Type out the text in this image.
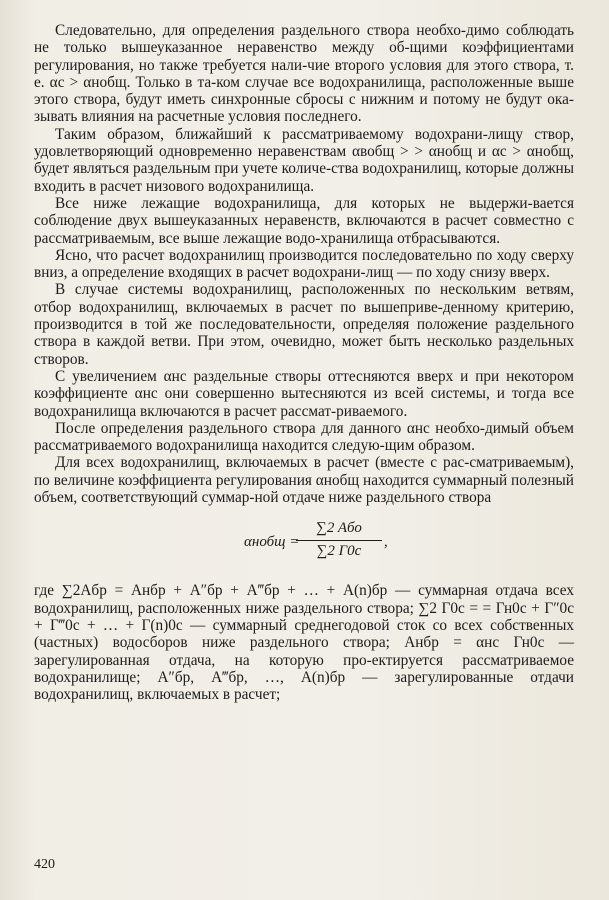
Следовательно, для определения раздельного створа необхо-димо соблюдать не только вышеуказанное неравенство между об-щими коэффициентами регулирования, но также требуется нали-чие второго условия для этого створа, т. е. αс > αнобщ. Только в та-ком случае все водохранилища, расположенные выше этого створа, будут иметь синхронные сбросы с нижним и потому не будут ока-зывать влияния на расчетные условия последнего.

Таким образом, ближайший к рассматриваемому водохрани-лищу створ, удовлетворяющий одновременно неравенствам αвобщ > > αнобщ и αс > αнобщ, будет являться раздельным при учете количе-ства водохранилищ, которые должны входить в расчет низового водохранилища.

Все ниже лежащие водохранилища, для которых не выдержи-вается соблюдение двух вышеуказанных неравенств, включаются в расчет совместно с рассматриваемым, все выше лежащие водо-хранилища отбрасываются.

Ясно, что расчет водохранилищ производится последовательно по ходу сверху вниз, а определение входящих в расчет водохрани-лищ — по ходу снизу вверх.

В случае системы водохранилищ, расположенных по нескольким ветвям, отбор водохранилищ, включаемых в расчет по вышеприве-денному критерию, производится в той же последовательности, определяя положение раздельного створа в каждой ветви. При этом, очевидно, может быть несколько раздельных створов.

С увеличением αнс раздельные створы оттесняются вверх и при некотором коэффициенте αнс они совершенно вытесняются из всей системы, и тогда все водохранилища включаются в расчет рассмат-риваемого.

После определения раздельного створа для данного αнс необхо-димый объем рассматриваемого водохранилища находится следую-щим образом.

Для всех водохранилищ, включаемых в расчет (вместе с рас-сматриваемым), по величине коэффициента регулирования αнобщ находится суммарный полезный объем, соответствующий суммар-ной отдаче ниже раздельного створа

αнобщ =
∑2 Aбо
∑2 Г0с
,

где ∑2Aбр = Aнбр + A″бр + A‴бр + … + A(n)бр — суммарная отдача всех водохранилищ, расположенных ниже раздельного створа; ∑2 Г0с = = Гн0с + Г″0с + Г‴0с + … + Г(n)0с — суммарный среднегодовой сток со всех собственных (частных) водосборов ниже раздельного створа; Aнбр = αнс Гн0с — зарегулированная отдача, на которую про-ектируется рассматриваемое водохранилище; A″бр, A‴бр, …, A(n)бр — зарегулированные отдачи водохранилищ, включаемых в расчет;

420
